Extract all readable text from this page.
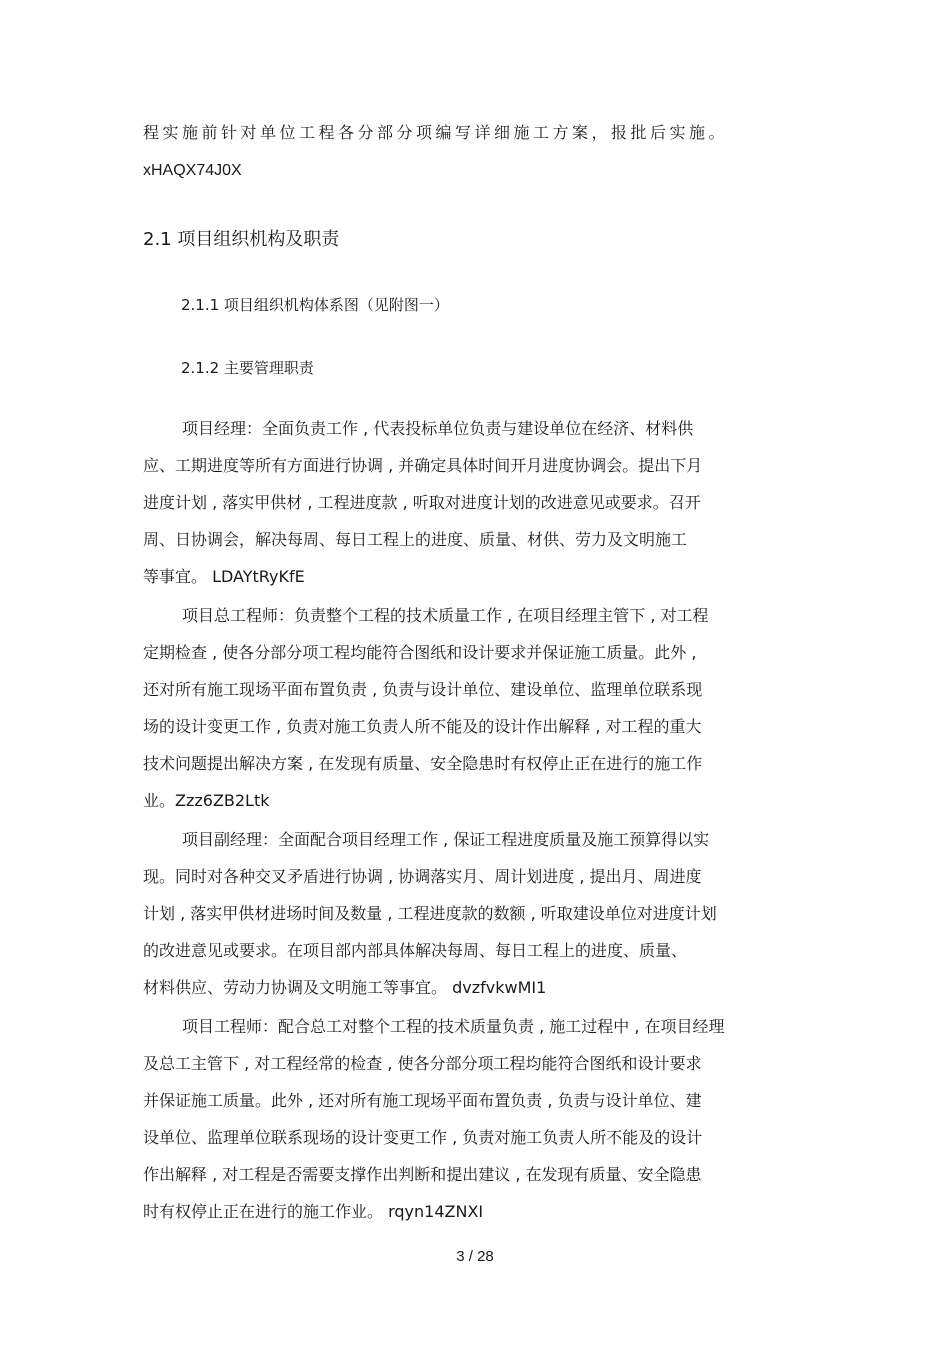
程实施前针对单位工程各分部分项编写详细施工方案，报批后实施。
xHAQX74J0X
2.1 项目组织机构及职责
2.1.1 项目组织机构体系图（见附图一）
2.1.2 主要管理职责
项目经理：全面负责工作 , 代表投标单位负责与建设单位在经济、材料供
应、工期进度等所有方面进行协调 , 并确定具体时间开月进度协调会。提出下月
进度计划 , 落实甲供材 , 工程进度款 , 听取对进度计划的改进意见或要求。召开
周、日协调会，解决每周、每日工程上的进度、质量、材供、劳力及文明施工
等事宜。 LDAYtRyKfE
项目总工程师：负责整个工程的技术质量工作 , 在项目经理主管下 , 对工程
定期检查 , 使各分部分项工程均能符合图纸和设计要求并保证施工质量。此外 ,
还对所有施工现场平面布置负责 , 负责与设计单位、建设单位、监理单位联系现
场的设计变更工作 , 负责对施工负责人所不能及的设计作出解释 , 对工程的重大
技术问题提出解决方案 , 在发现有质量、安全隐患时有权停止正在进行的施工作
业。Zzz6ZB2Ltk
项目副经理：全面配合项目经理工作 , 保证工程进度质量及施工预算得以实
现。同时对各种交叉矛盾进行协调 , 协调落实月、周计划进度 , 提出月、周进度
计划 , 落实甲供材进场时间及数量 , 工程进度款的数额 , 听取建设单位对进度计划
的改进意见或要求。在项目部内部具体解决每周、每日工程上的进度、质量、
材料供应、劳动力协调及文明施工等事宜。 dvzfvkwMI1
项目工程师：配合总工对整个工程的技术质量负责 , 施工过程中 , 在项目经理
及总工主管下 , 对工程经常的检查 , 使各分部分项工程均能符合图纸和设计要求
并保证施工质量。此外 , 还对所有施工现场平面布置负责 , 负责与设计单位、建
设单位、监理单位联系现场的设计变更工作 , 负责对施工负责人所不能及的设计
作出解释 , 对工程是否需要支撑作出判断和提出建议 , 在发现有质量、安全隐患
时有权停止正在进行的施工作业。 rqyn14ZNXI
3 / 28
